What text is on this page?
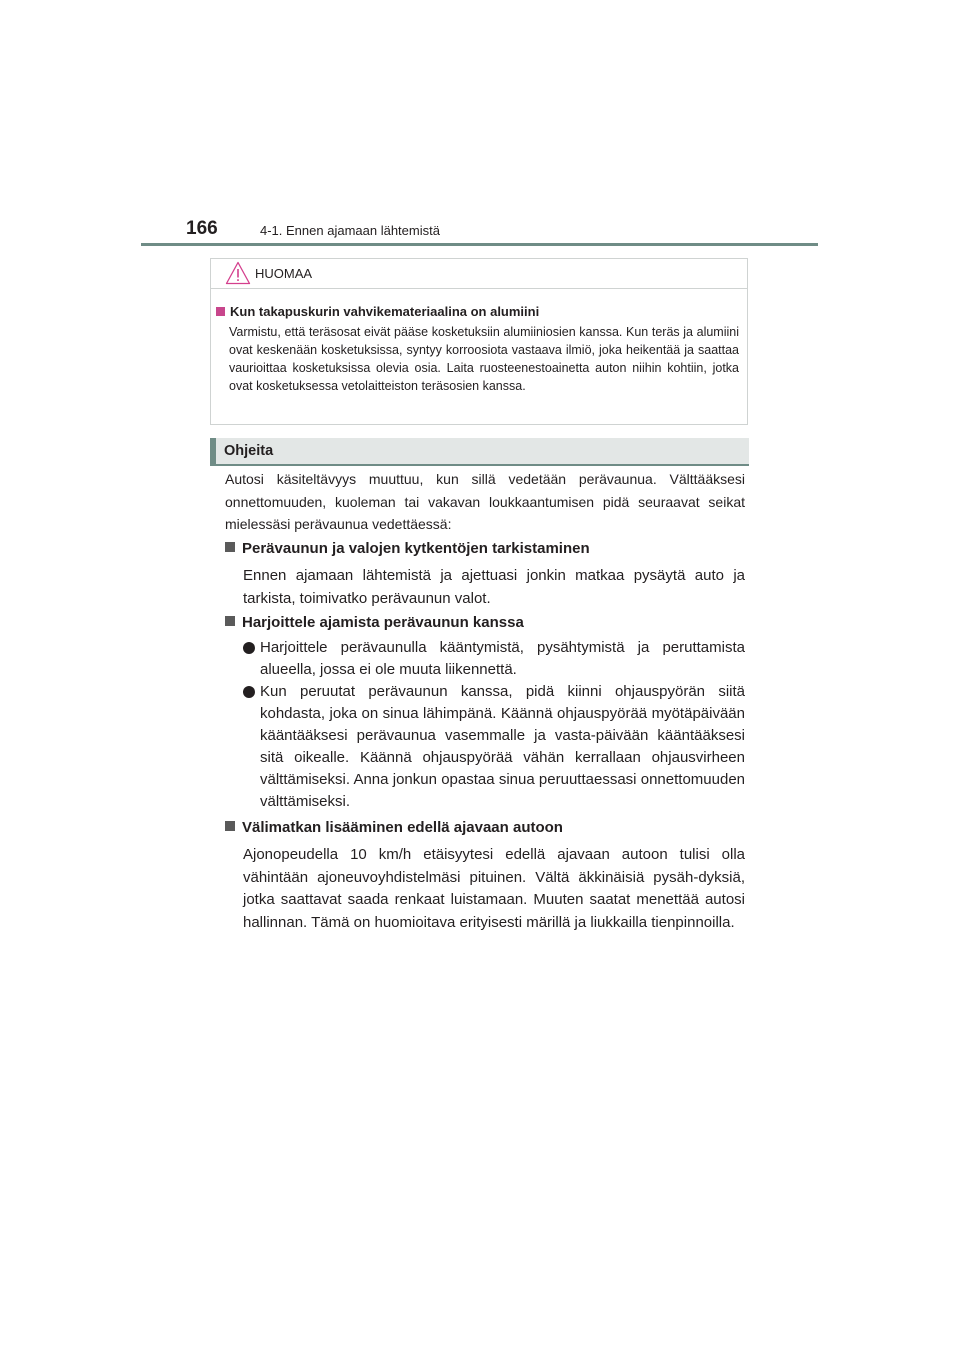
166	4-1. Ennen ajamaan lähtemistä
HUOMAA
Kun takapuskurin vahvikemateriaalina on alumiini

Varmistu, että teräsosat eivät pääse kosketuksiin alumiiniosien kanssa. Kun teräs ja alumiini ovat keskenään kosketuksissa, syntyy korroosiota vastaava ilmiö, joka heikentää ja saattaa vaurioittaa kosketuksissa olevia osia. Laita ruosteenestoainetta auton niihin kohtiin, jotka ovat kosketuksessa vetolaitteiston teräsosien kanssa.

Ohjeita

Autosi käsiteltävyys muuttuu, kun sillä vedetään perävaunua. Välttääksesi onnettomuuden, kuoleman tai vakavan loukkaantumisen pidä seuraavat seikat mielessäsi perävaunua vedettäessä:

Perävaunun ja valojen kytkentöjen tarkistaminen

Ennen ajamaan lähtemistä ja ajettuasi jonkin matkaa pysäytä auto ja tarkista, toimivatko perävaunun valot.

Harjoittele ajamista perävaunun kanssa

Harjoittele perävaunulla kääntymistä, pysähtymistä ja peruttamista alueella, jossa ei ole muuta liikennettä.

Kun peruutat perävaunun kanssa, pidä kiinni ohjauspyörän siitä kohdasta, joka on sinua lähimpänä. Käännä ohjauspyörää myötäpäivään kääntääksesi perävaunua vasemmalle ja vasta-päivään kääntääksesi sitä oikealle. Käännä ohjauspyörää vähän kerrallaan ohjausvirheen välttämiseksi. Anna jonkun opastaa sinua peruuttaessasi onnettomuuden välttämiseksi.

Välimatkan lisääminen edellä ajavaan autoon

Ajonopeudella 10 km/h etäisyytesi edellä ajavaan autoon tulisi olla vähintään ajoneuvoyhdistelmäsi pituinen. Vältä äkkinäisiä pysäh-dyksiä, jotka saattavat saada renkaat luistamaan. Muuten saatat menettää autosi hallinnan. Tämä on huomioitava erityisesti märillä ja liukkailla tienpinnoilla.
